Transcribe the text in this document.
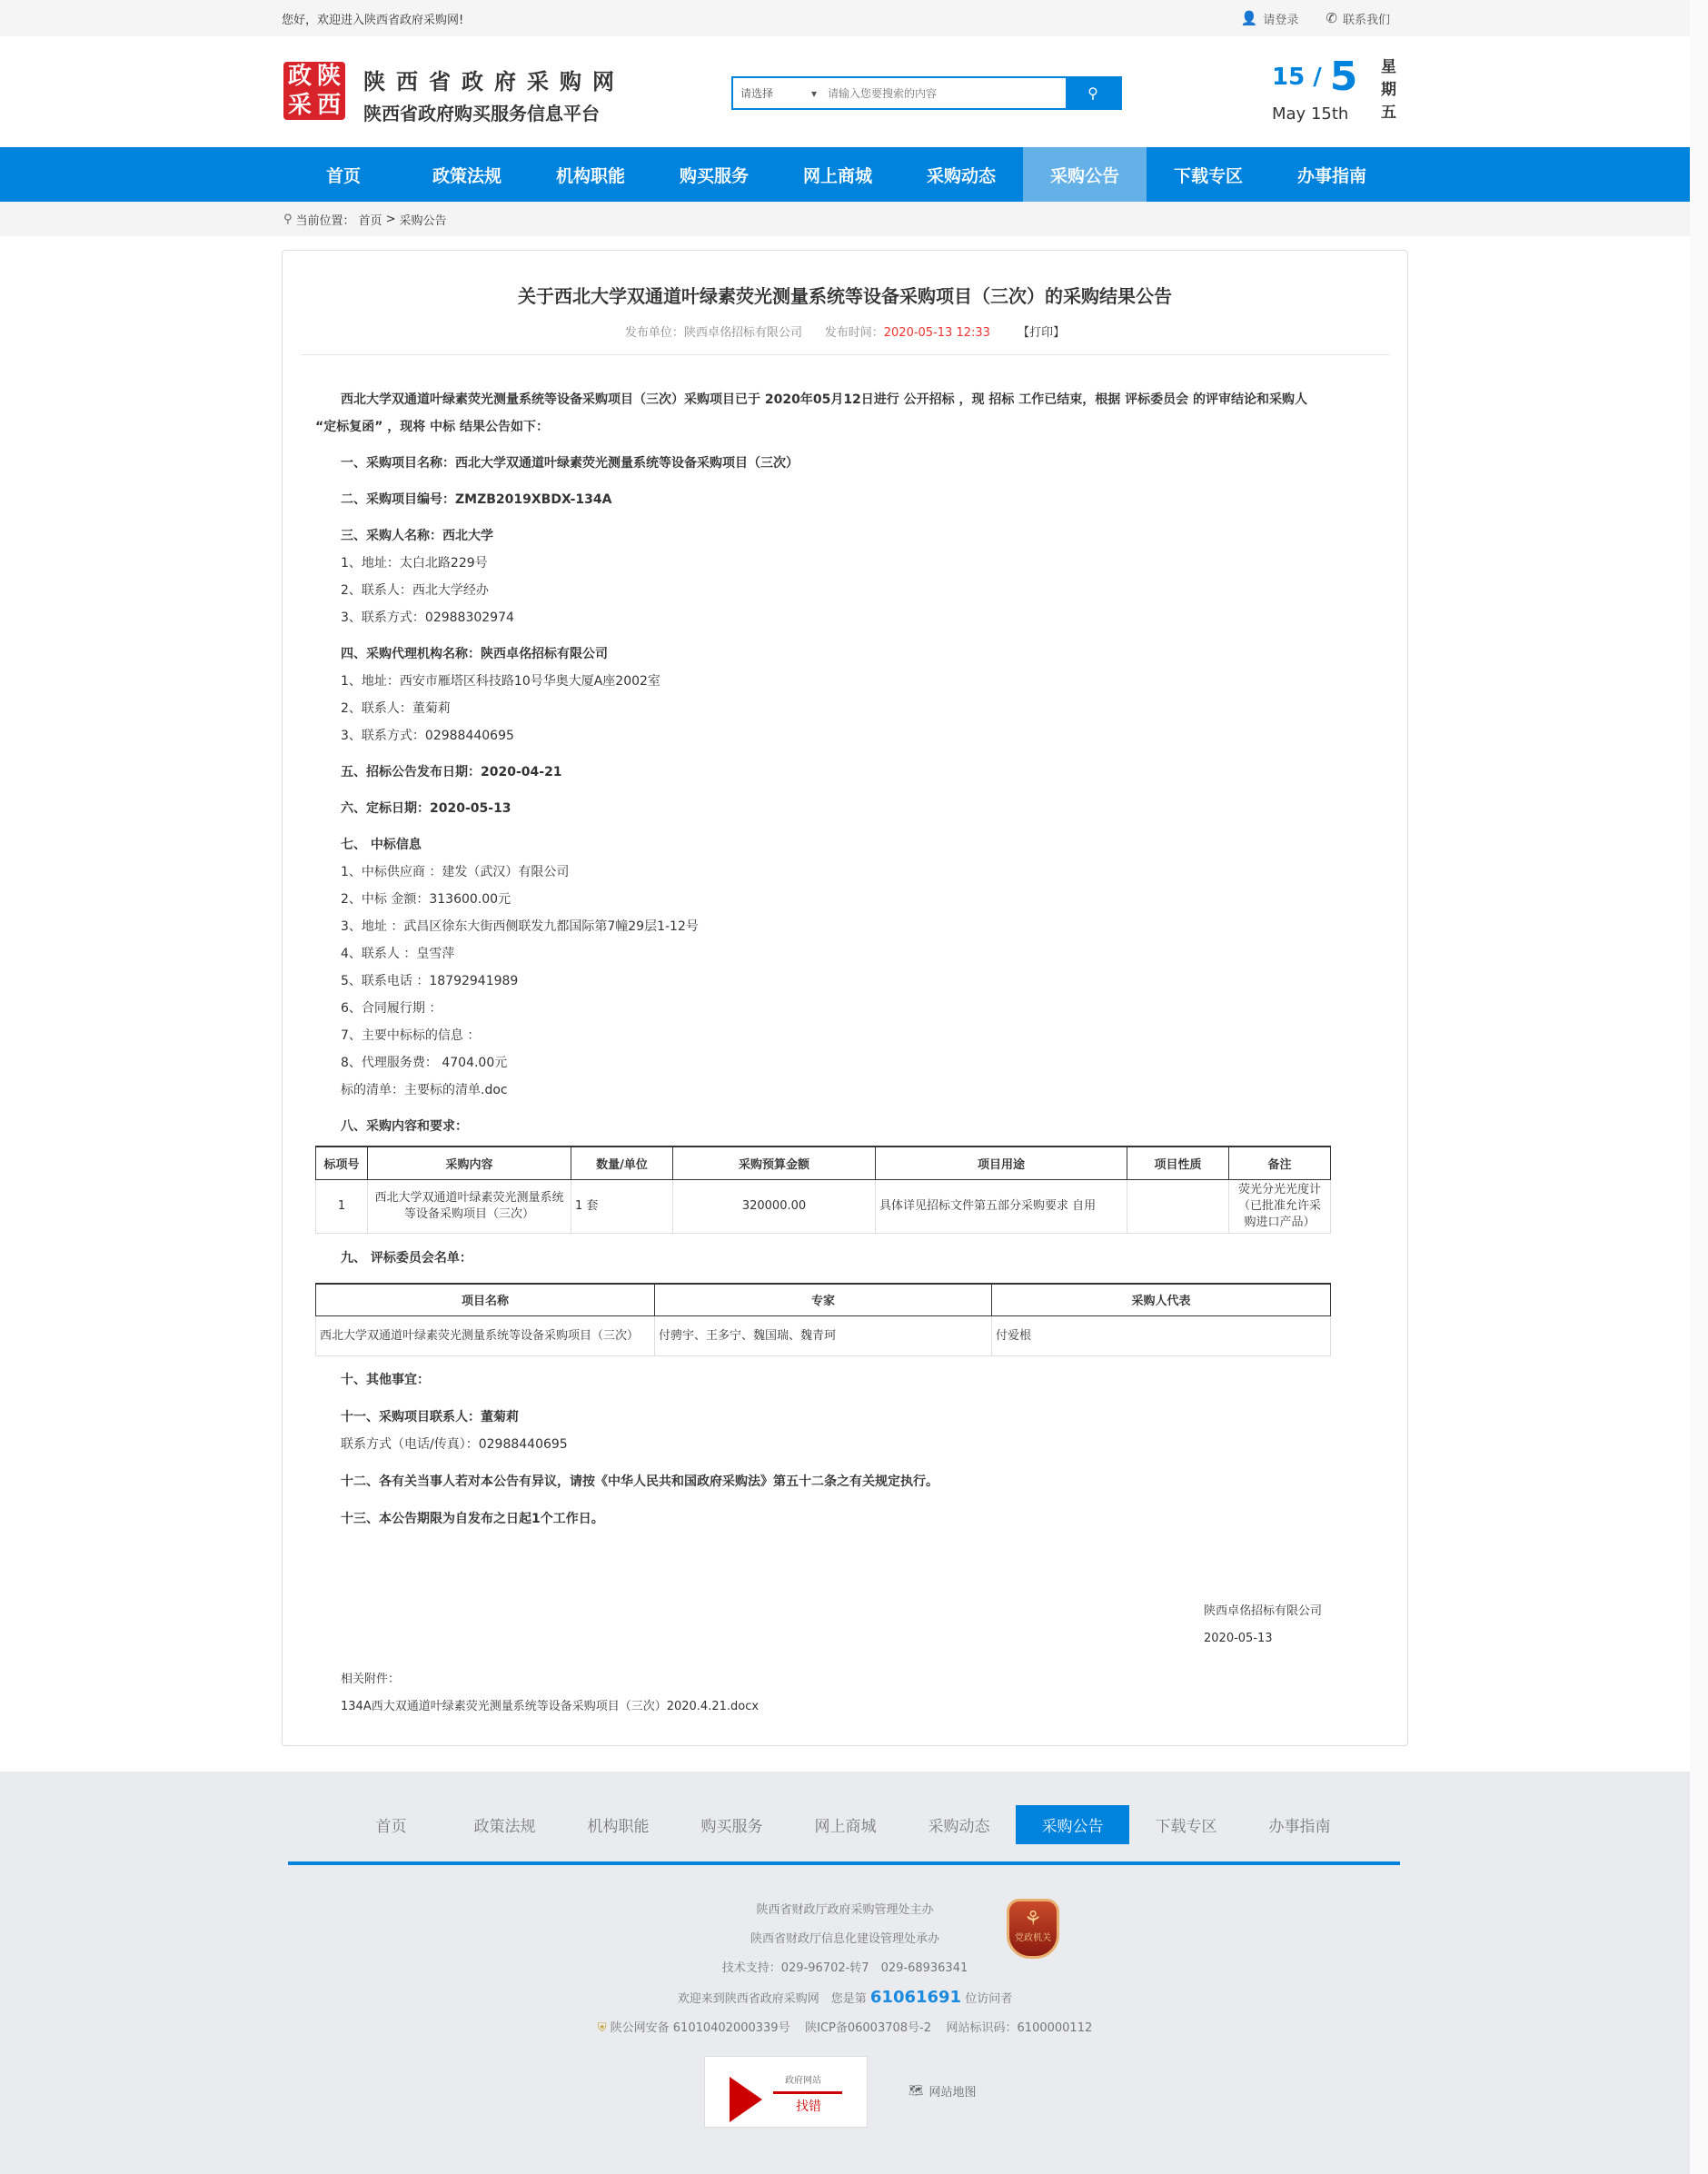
您好，欢迎进入陕西省政府采购网!	👤 请登录 ✆ 联系我们
政 陕
采 西
陕西省政府采购网
陕西省政府购买服务信息平台
请选择	▾
请输入您要搜索的内容	⚲
15 / 5
May 15th
星
期
五
首页	政策法规	机构职能	购买服务	网上商城	采购动态	采购公告	下载专区	办事指南
⚲ 当前位置： 首页 > 采购公告
关于西北大学双通道叶绿素荧光测量系统等设备采购项目（三次）的采购结果公告
发布单位：陕西卓佲招标有限公司 发布时间：2020-05-13 12:33 【打印】

西北大学双通道叶绿素荧光测量系统等设备采购项目（三次）采购项目已于 2020年05月12日进行 公开招标 ，现 招标 工作已结束，根据 评标委员会 的评审结论和采购人 “定标复函” ，现将 中标 结果公告如下：

一、采购项目名称：西北大学双通道叶绿素荧光测量系统等设备采购项目（三次）

二、采购项目编号：ZMZB2019XBDX-134A

三、采购人名称：西北大学

1、地址：太白北路229号

2、联系人：西北大学经办

3、联系方式：02988302974

四、采购代理机构名称：陕西卓佲招标有限公司

1、地址：西安市雁塔区科技路10号华奥大厦A座2002室

2、联系人：董菊莉

3、联系方式：02988440695

五、招标公告发布日期：2020-04-21

六、定标日期：2020-05-13

七、 中标信息

1、中标供应商 ：建发（武汉）有限公司

2、中标 金额：313600.00元

3、地址 ：武昌区徐东大街西侧联发九都国际第7幢29层1-12号

4、联系人 ：皇雪萍

5、联系电话 ：18792941989

6、合同履行期 ：

7、主要中标标的信息 ：

8、代理服务费： 4704.00元

标的清单：主要标的清单.doc

八、采购内容和要求：

标项号	采购内容	数量/单位	采购预算金额	项目用途	项目性质	备注
1	西北大学双通道叶绿素荧光测量系统等设备采购项目（三次）	1 套	320000.00	具体详见招标文件第五部分采购要求 自用		荧光分光光度计（已批准允许采购进口产品）

九、 评标委员会名单：

项目名称	专家	采购人代表
西北大学双通道叶绿素荧光测量系统等设备采购项目（三次）	付骋宇、王多宁、魏国瑞、魏青珂	付爱根

十、其他事宜：

十一、采购项目联系人：董菊莉

联系方式（电话/传真）：02988440695

十二、各有关当事人若对本公告有异议，请按《中华人民共和国政府采购法》第五十二条之有关规定执行。

十三、本公告期限为自发布之日起1个工作日。

陕西卓佲招标有限公司
2020-05-13
相关附件：
134A西大双通道叶绿素荧光测量系统等设备采购项目（三次）2020.4.21.docx
首页	政策法规	机构职能	购买服务	网上商城	采购动态	采购公告	下载专区	办事指南
陕西省财政厅政府采购管理处主办
陕西省财政厅信息化建设管理处承办
技术支持：029-96702-转7　029-68936341
欢迎来到陕西省政府采购网　您是第 61061691 位访问者
⛨ 陕公网安备 61010402000339号 陕ICP备06003708号-2 网站标识码：6100000112
⚘
党政机关
政府网站
找错
🗺 网站地图
